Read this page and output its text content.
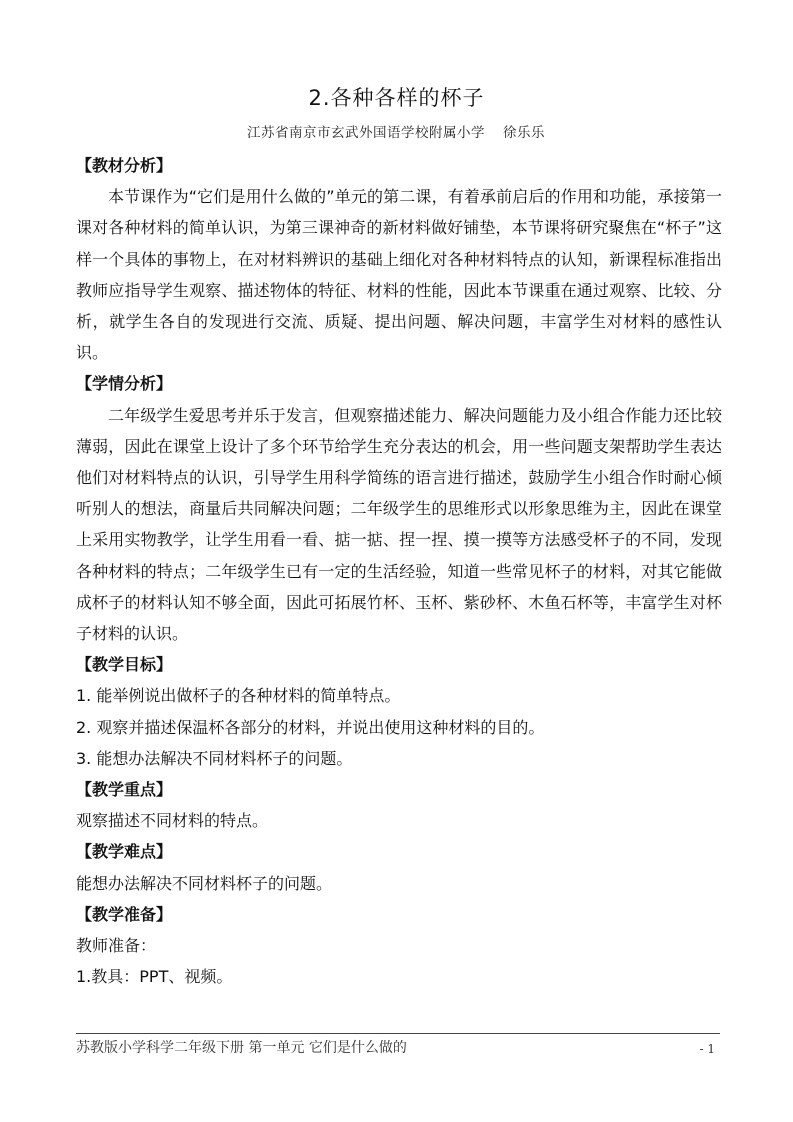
2.各种各样的杯子
江苏省南京市玄武外国语学校附属小学 徐乐乐
【教材分析】

本节课作为“它们是用什么做的”单元的第二课，有着承前启后的作用和功能，承接第一课对各种材料的简单认识，为第三课神奇的新材料做好铺垫，本节课将研究聚焦在“杯子”这样一个具体的事物上，在对材料辨识的基础上细化对各种材料特点的认知，新课程标准指出教师应指导学生观察、描述物体的特征、材料的性能，因此本节课重在通过观察、比较、分析，就学生各自的发现进行交流、质疑、提出问题、解决问题，丰富学生对材料的感性认识。

【学情分析】

二年级学生爱思考并乐于发言，但观察描述能力、解决问题能力及小组合作能力还比较薄弱，因此在课堂上设计了多个环节给学生充分表达的机会，用一些问题支架帮助学生表达他们对材料特点的认识，引导学生用科学简练的语言进行描述，鼓励学生小组合作时耐心倾听别人的想法，商量后共同解决问题；二年级学生的思维形式以形象思维为主，因此在课堂上采用实物教学，让学生用看一看、掂一掂、捏一捏、摸一摸等方法感受杯子的不同，发现各种材料的特点；二年级学生已有一定的生活经验，知道一些常见杯子的材料，对其它能做成杯子的材料认知不够全面，因此可拓展竹杯、玉杯、紫砂杯、木鱼石杯等，丰富学生对杯子材料的认识。

【教学目标】

1. 能举例说出做杯子的各种材料的简单特点。

2. 观察并描述保温杯各部分的材料，并说出使用这种材料的目的。

3. 能想办法解决不同材料杯子的问题。

【教学重点】

观察描述不同材料的特点。

【教学难点】

能想办法解决不同材料杯子的问题。

【教学准备】

教师准备：

1.教具：PPT、视频。

苏教版小学科学二年级下册 第一单元 它们是什么做的	- 1
